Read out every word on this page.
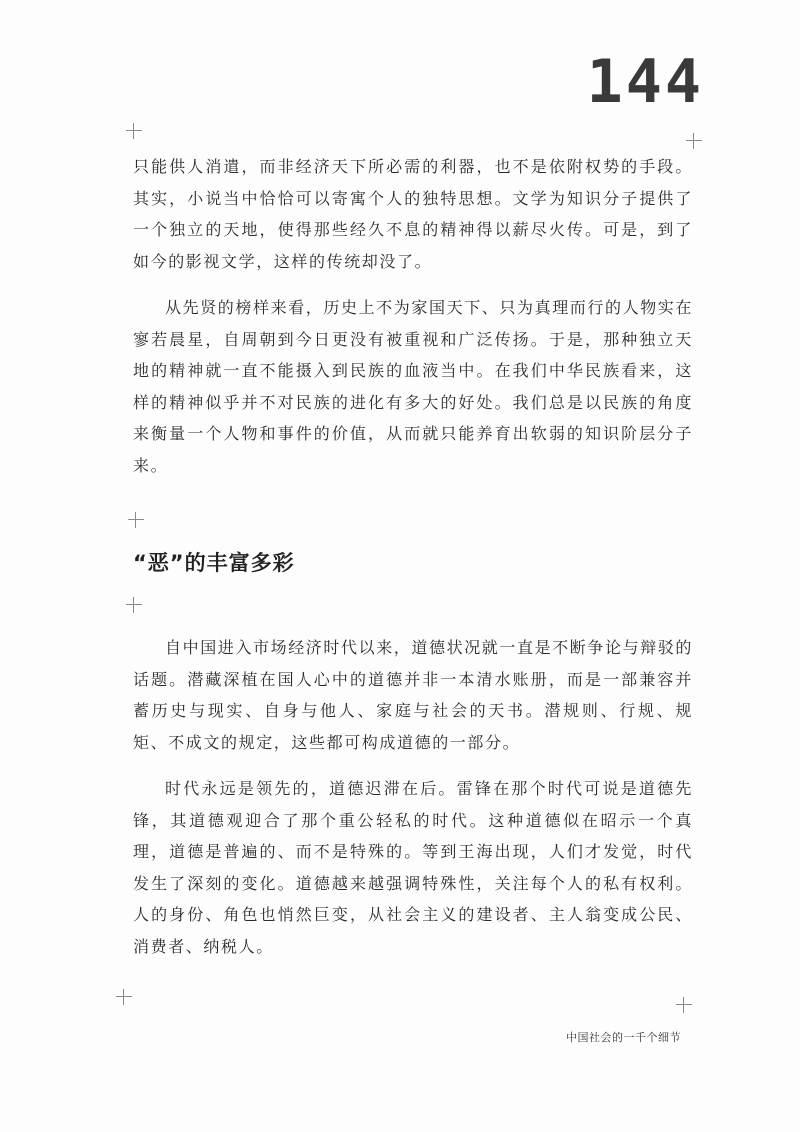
144

只能供人消遣，而非经济天下所必需的利器，也不是依附权势的手段。其实，小说当中恰恰可以寄寓个人的独特思想。文学为知识分子提供了一个独立的天地，使得那些经久不息的精神得以薪尽火传。可是，到了如今的影视文学，这样的传统却没了。

从先贤的榜样来看，历史上不为家国天下、只为真理而行的人物实在寥若晨星，自周朝到今日更没有被重视和广泛传扬。于是，那种独立天地的精神就一直不能摄入到民族的血液当中。在我们中华民族看来，这样的精神似乎并不对民族的进化有多大的好处。我们总是以民族的角度来衡量一个人物和事件的价值，从而就只能养育出软弱的知识阶层分子来。

“恶”的丰富多彩

自中国进入市场经济时代以来，道德状况就一直是不断争论与辩驳的话题。潜藏深植在国人心中的道德并非一本清水账册，而是一部兼容并蓄历史与现实、自身与他人、家庭与社会的天书。潜规则、行规、规矩、不成文的规定，这些都可构成道德的一部分。

时代永远是领先的，道德迟滞在后。雷锋在那个时代可说是道德先锋，其道德观迎合了那个重公轻私的时代。这种道德似在昭示一个真理，道德是普遍的、而不是特殊的。等到王海出现，人们才发觉，时代发生了深刻的变化。道德越来越强调特殊性，关注每个人的私有权利。人的身份、角色也悄然巨变，从社会主义的建设者、主人翁变成公民、消费者、纳税人。

中国社会的一千个细节
